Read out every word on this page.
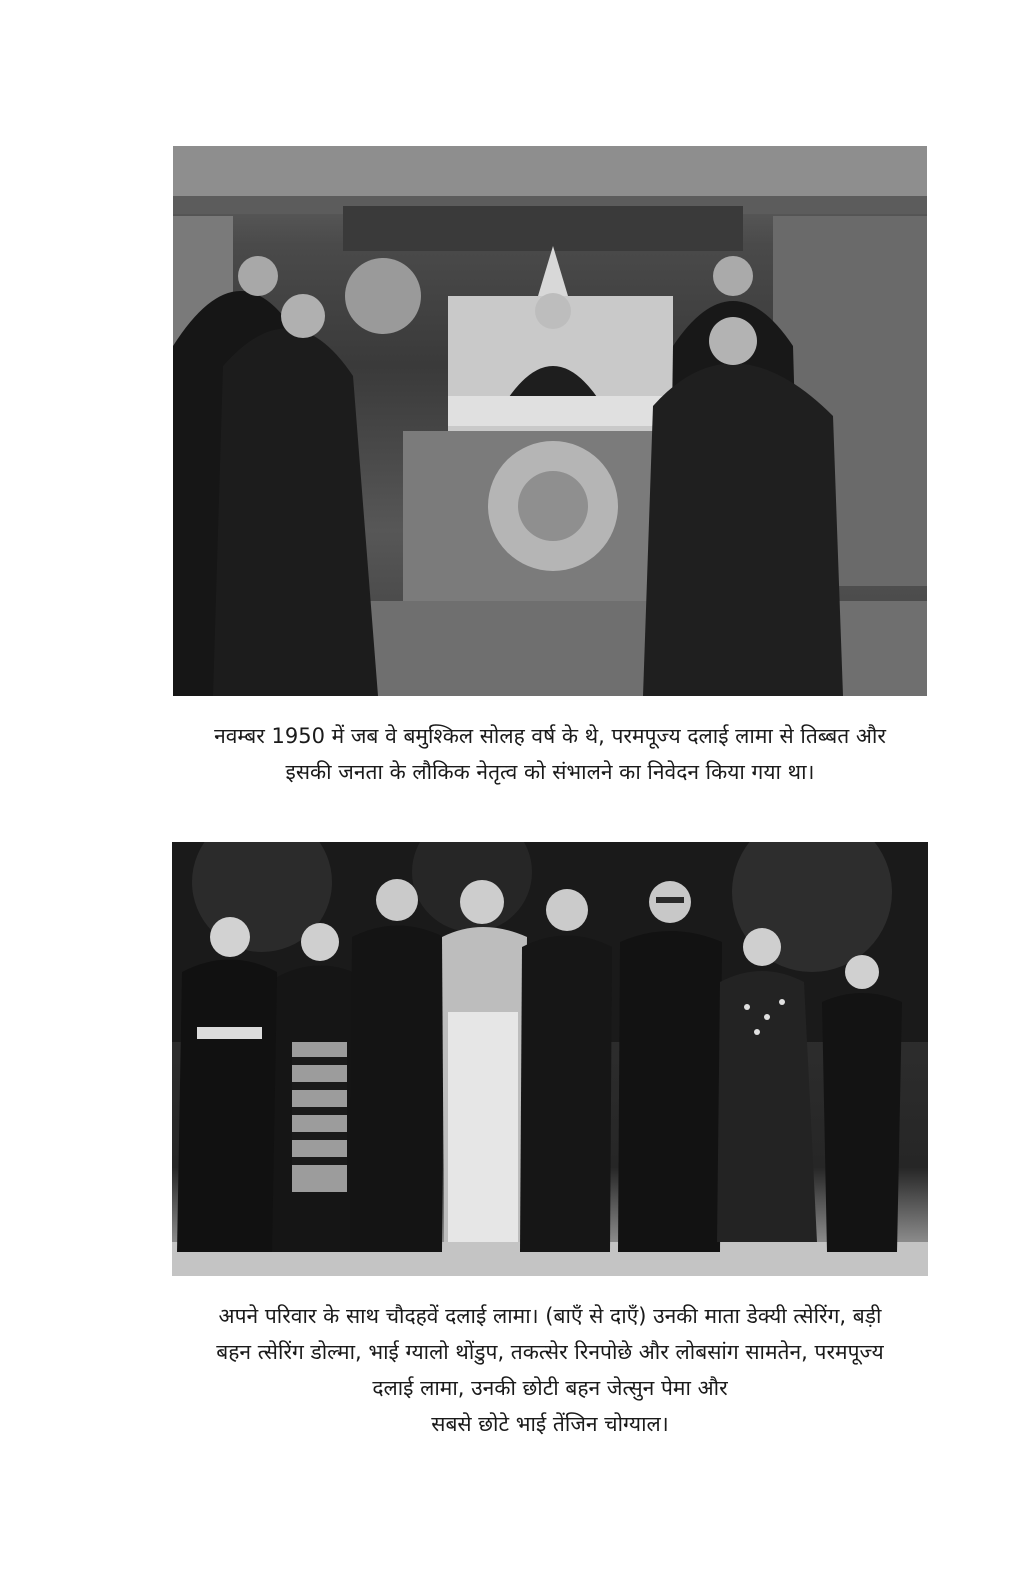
नवम्बर 1950 में जब वे बमुश्किल सोलह वर्ष के थे, परमपूज्य दलाई लामा से तिब्बत और
इसकी जनता के लौकिक नेतृत्व को संभालने का निवेदन किया गया था।
अपने परिवार के साथ चौदहवें दलाई लामा। (बाएँ से दाएँ) उनकी माता डेक्यी त्सेरिंग, बड़ी
बहन त्सेरिंग डोल्मा, भाई ग्यालो थोंडुप, तकत्सेर रिनपोछे और लोबसांग सामतेन, परमपूज्य
दलाई लामा, उनकी छोटी बहन जेत्सुन पेमा और
सबसे छोटे भाई तेंजिन चोग्याल।
